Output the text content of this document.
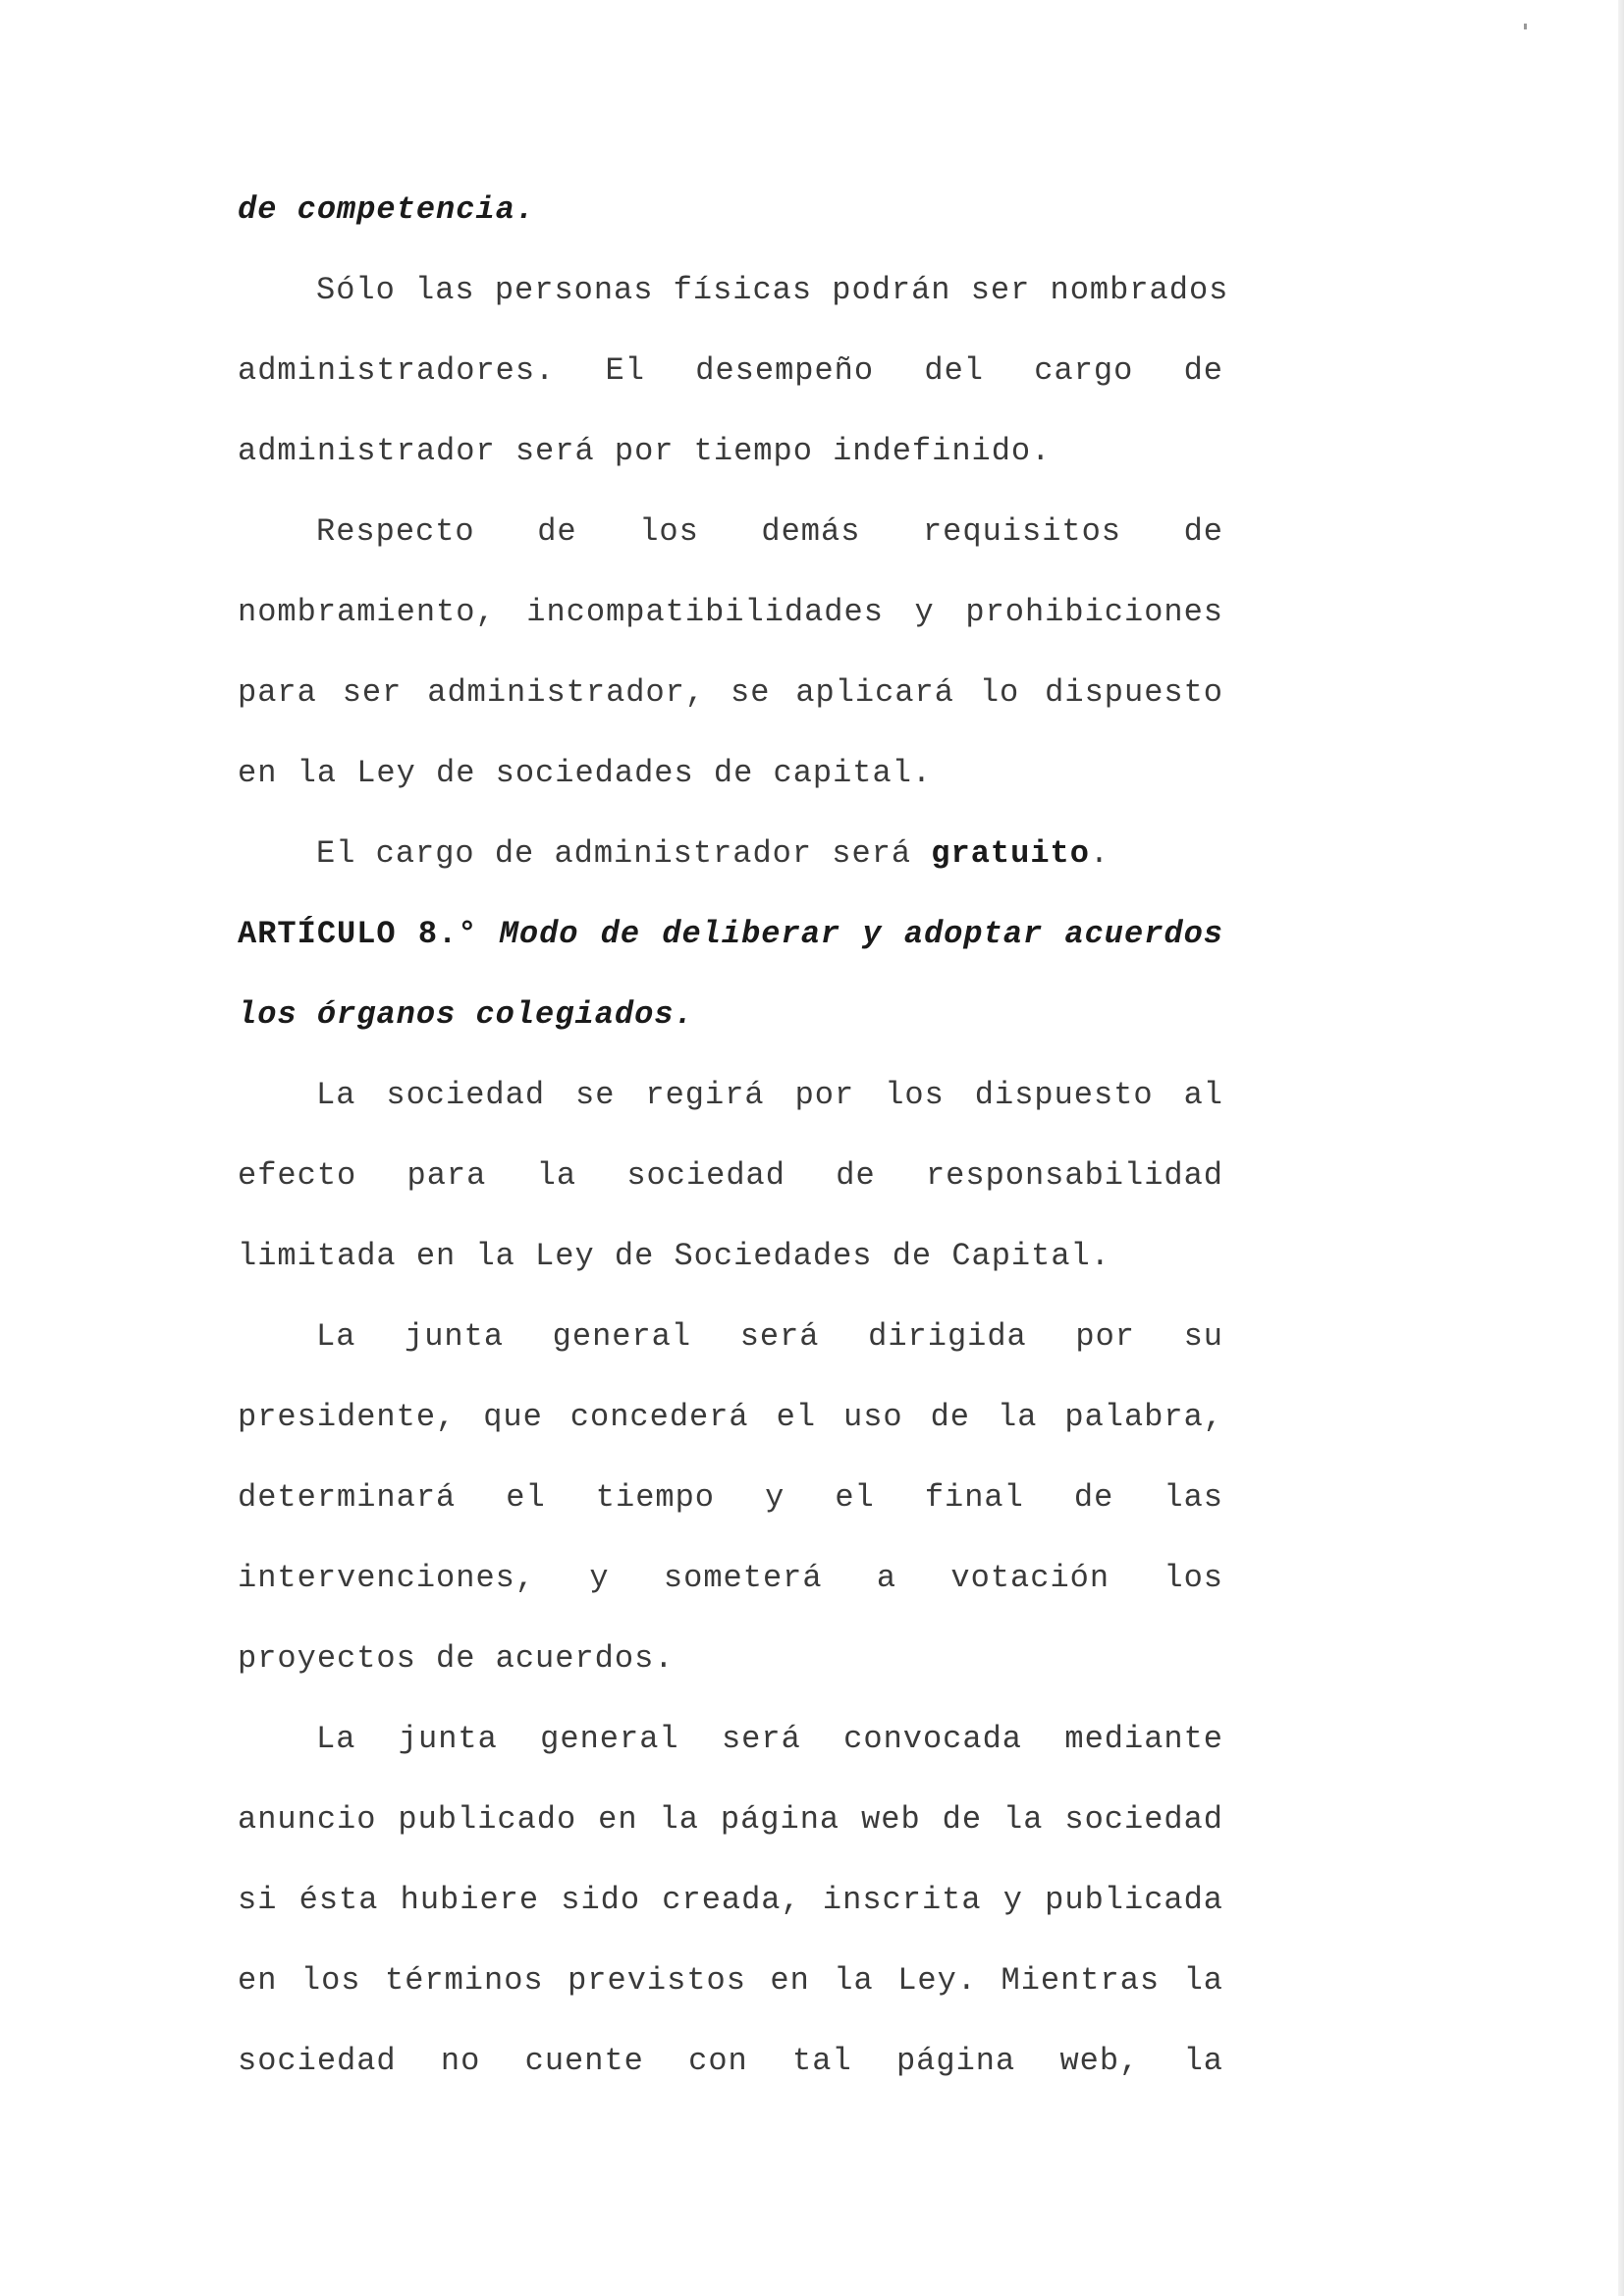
de competencia.
Sólo las personas físicas podrán ser nombrados
administradores. El desempeño del cargo de
administrador será por tiempo indefinido.
Respecto de los demás requisitos de
nombramiento, incompatibilidades y prohibiciones
para ser administrador, se aplicará lo dispuesto
en la Ley de sociedades de capital.
El cargo de administrador será gratuito.
ARTÍCULO 8.° Modo de deliberar y adoptar acuerdos
los órganos colegiados.
La sociedad se regirá por los dispuesto al
efecto para la sociedad de responsabilidad
limitada en la Ley de Sociedades de Capital.
La junta general será dirigida por su
presidente, que concederá el uso de la palabra,
determinará el tiempo y el final de las
intervenciones, y someterá a votación los
proyectos de acuerdos.
La junta general será convocada mediante
anuncio publicado en la página web de la sociedad
si ésta hubiere sido creada, inscrita y publicada
en los términos previstos en la Ley. Mientras la
sociedad no cuente con tal página web, la
